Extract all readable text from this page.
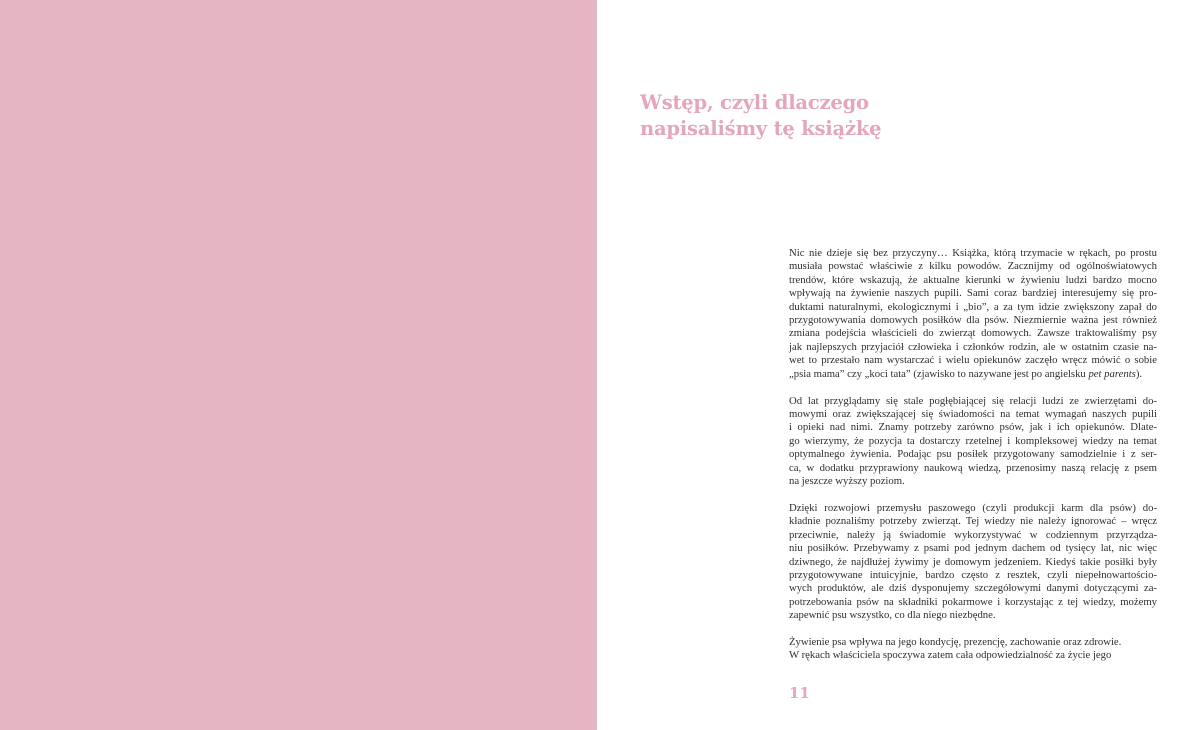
Wstęp, czyli dlaczego
napisaliśmy tę książkę

Nic nie dzieje się bez przyczyny… Książka, którą trzymacie w rękach, po prostu
musiała powstać właściwie z kilku powodów. Zacznijmy od ogólnoświatowych
trendów, które wskazują, że aktualne kierunki w żywieniu ludzi bardzo mocno
wpływają na żywienie naszych pupili. Sami coraz bardziej interesujemy się pro-
duktami naturalnymi, ekologicznymi i „bio”, a za tym idzie zwiększony zapał do
przygotowywania domowych posiłków dla psów. Niezmiernie ważna jest również
zmiana podejścia właścicieli do zwierząt domowych. Zawsze traktowaliśmy psy
jak najlepszych przyjaciół człowieka i członków rodzin, ale w ostatnim czasie na-
wet to przestało nam wystarczać i wielu opiekunów zaczęło wręcz mówić o sobie
„psia mama” czy „koci tata” (zjawisko to nazywane jest po angielsku pet parents).

Od lat przyglądamy się stale pogłębiającej się relacji ludzi ze zwierzętami do-
mowymi oraz zwiększającej się świadomości na temat wymagań naszych pupili
i opieki nad nimi. Znamy potrzeby zarówno psów, jak i ich opiekunów. Dlate-
go wierzymy, że pozycja ta dostarczy rzetelnej i kompleksowej wiedzy na temat
optymalnego żywienia. Podając psu posiłek przygotowany samodzielnie i z ser-
ca, w dodatku przyprawiony naukową wiedzą, przenosimy naszą relację z psem
na jeszcze wyższy poziom.

Dzięki rozwojowi przemysłu paszowego (czyli produkcji karm dla psów) do-
kładnie poznaliśmy potrzeby zwierząt. Tej wiedzy nie należy ignorować – wręcz
przeciwnie, należy ją świadomie wykorzystywać w codziennym przyrządza-
niu posiłków. Przebywamy z psami pod jednym dachem od tysięcy lat, nic więc
dziwnego, że najdłużej żywimy je domowym jedzeniem. Kiedyś takie posiłki były
przygotowywane intuicyjnie, bardzo często z resztek, czyli niepełnowartościo-
wych produktów, ale dziś dysponujemy szczegółowymi danymi dotyczącymi za-
potrzebowania psów na składniki pokarmowe i korzystając z tej wiedzy, możemy
zapewnić psu wszystko, co dla niego niezbędne.

Żywienie psa wpływa na jego kondycję, prezencję, zachowanie oraz zdrowie.
W rękach właściciela spoczywa zatem cała odpowiedzialność za życie jego

11
